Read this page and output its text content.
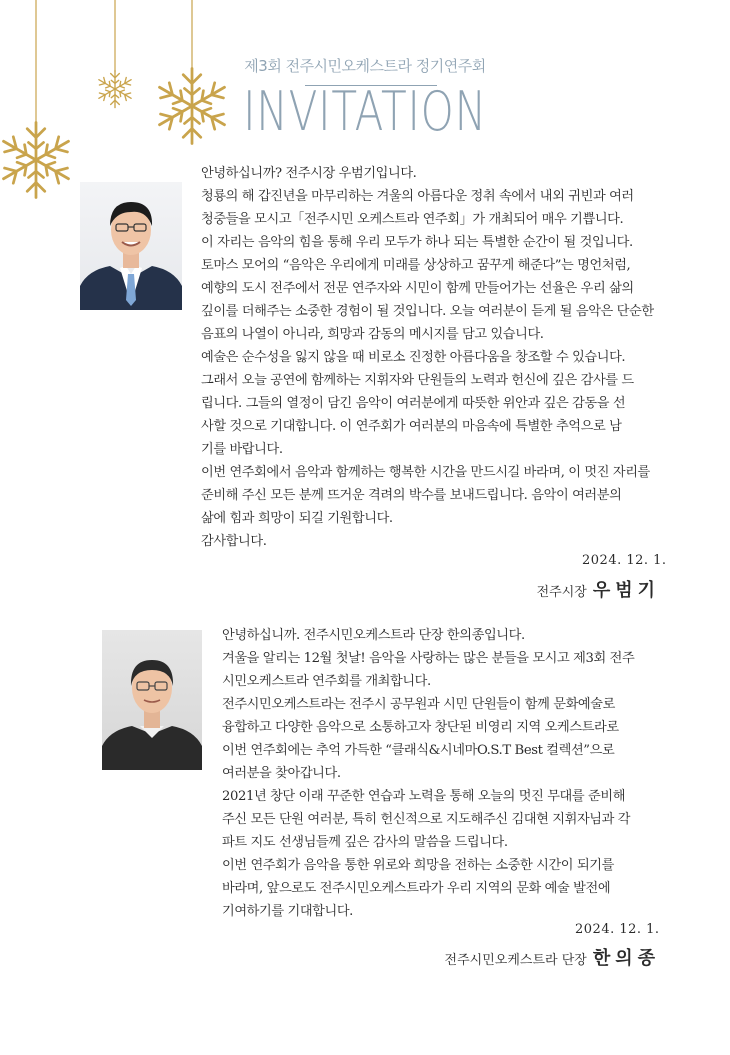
제3회 전주시민오케스트라 정기연주회
INVITATION

안녕하십니까? 전주시장 우범기입니다.

청룡의 해 갑진년을 마무리하는 겨울의 아름다운 정취 속에서 내외 귀빈과 여러

청중들을 모시고「전주시민 오케스트라 연주회」가 개최되어 매우 기쁩니다.

이 자리는 음악의 힘을 통해 우리 모두가 하나 되는 특별한 순간이 될 것입니다.

토마스 모어의 “음악은 우리에게 미래를 상상하고 꿈꾸게 해준다”는 명언처럼,

예향의 도시 전주에서 전문 연주자와 시민이 함께 만들어가는 선율은 우리 삶의

깊이를 더해주는 소중한 경험이 될 것입니다. 오늘 여러분이 듣게 될 음악은 단순한

음표의 나열이 아니라, 희망과 감동의 메시지를 담고 있습니다.

예술은 순수성을 잃지 않을 때 비로소 진정한 아름다움을 창조할 수 있습니다.

그래서 오늘 공연에 함께하는 지휘자와 단원들의 노력과 헌신에 깊은 감사를 드

립니다. 그들의 열정이 담긴 음악이 여러분에게 따뜻한 위안과 깊은 감동을 선

사할 것으로 기대합니다. 이 연주회가 여러분의 마음속에 특별한 추억으로 남

기를 바랍니다.

이번 연주회에서 음악과 함께하는 행복한 시간을 만드시길 바라며, 이 멋진 자리를

준비해 주신 모든 분께 뜨거운 격려의 박수를 보내드립니다. 음악이 여러분의

삶에 힘과 희망이 되길 기원합니다.

감사합니다.

2024. 12. 1.
전주시장 우범기

안녕하십니까. 전주시민오케스트라 단장 한의종입니다.

겨울을 알리는 12월 첫날! 음악을 사랑하는 많은 분들을 모시고 제3회 전주

시민오케스트라 연주회를 개최합니다.

전주시민오케스트라는 전주시 공무원과 시민 단원들이 함께 문화예술로

융합하고 다양한 음악으로 소통하고자 창단된 비영리 지역 오케스트라로

이번 연주회에는 추억 가득한 “클래식&시네마O.S.T Best 컬렉션”으로

여러분을 찾아갑니다.

2021년 창단 이래 꾸준한 연습과 노력을 통해 오늘의 멋진 무대를 준비해

주신 모든 단원 여러분, 특히 헌신적으로 지도해주신 김대현 지휘자님과 각

파트 지도 선생님들께 깊은 감사의 말씀을 드립니다.

이번 연주회가 음악을 통한 위로와 희망을 전하는 소중한 시간이 되기를

바라며, 앞으로도 전주시민오케스트라가 우리 지역의 문화 예술 발전에

기여하기를 기대합니다.

2024. 12. 1.
전주시민오케스트라 단장 한의종
